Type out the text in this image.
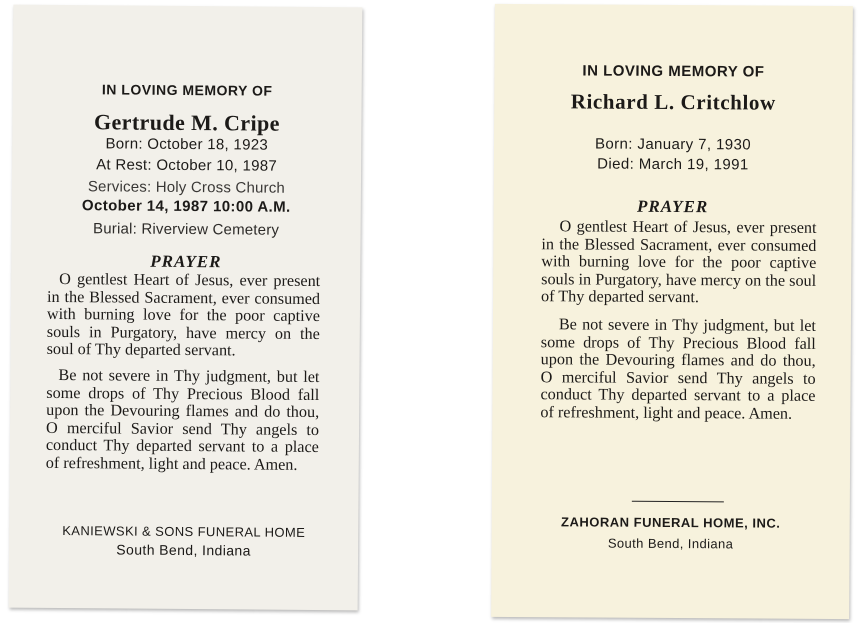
IN LOVING MEMORY OF
Gertrude M. Cripe
Born: October 18, 1923
At Rest: October 10, 1987
Services: Holy Cross Church
October 14, 1987 10:00 A.M.
Burial: Riverview Cemetery
PRAYER

O gentlest Heart of Jesus, ever present in the Blessed Sacrament, ever consumed with burning love for the poor captive souls in Purgatory, have mercy on the soul of Thy departed servant.

Be not severe in Thy judgment, but let some drops of Thy Precious Blood fall upon the Devouring flames and do thou, O merciful Savior send Thy angels to conduct Thy departed servant to a place of refreshment, light and peace. Amen.

KANIEWSKI & SONS FUNERAL HOME
South Bend, Indiana
IN LOVING MEMORY OF
Richard L. Critchlow
Born: January 7, 1930
Died: March 19, 1991
PRAYER

O gentlest Heart of Jesus, ever present in the Blessed Sacrament, ever consumed with burning love for the poor captive souls in Purgatory, have mercy on the soul of Thy departed servant.

Be not severe in Thy judgment, but let some drops of Thy Precious Blood fall upon the Devouring flames and do thou, O merciful Savior send Thy angels to conduct Thy departed servant to a place of refreshment, light and peace. Amen.

ZAHORAN FUNERAL HOME, INC.
South Bend, Indiana
